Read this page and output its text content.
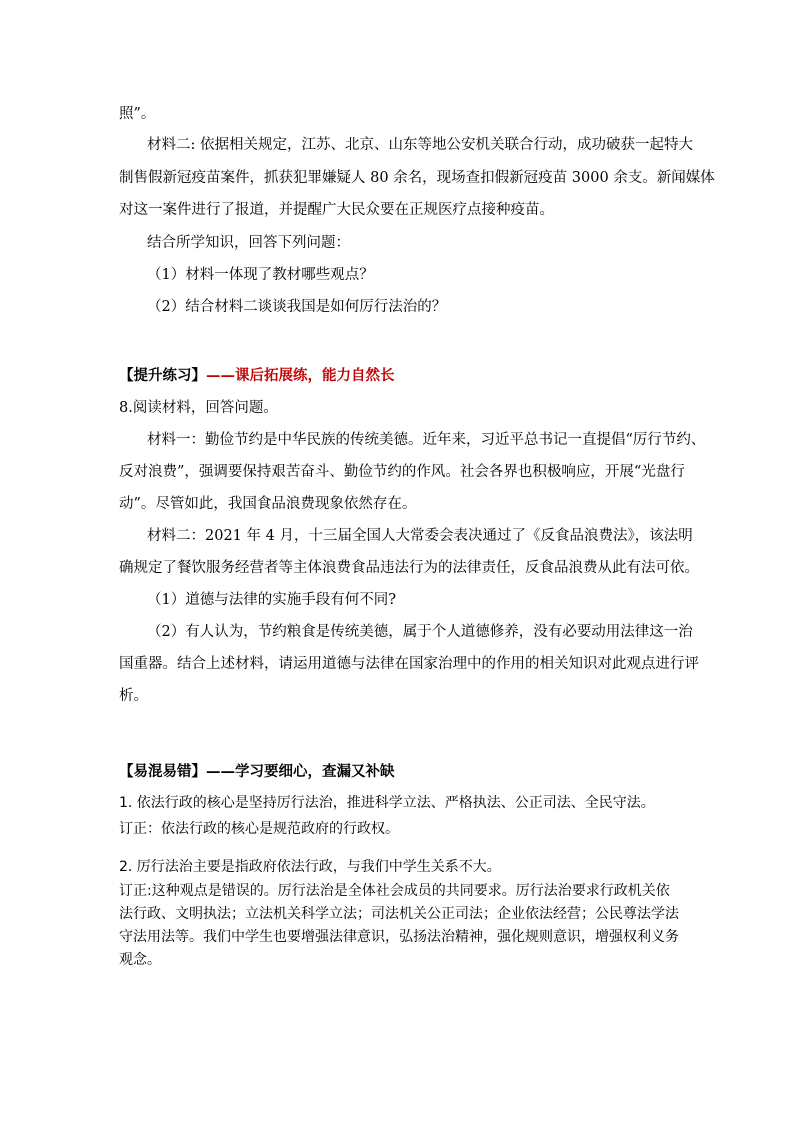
照”。
材料二: 依据相关规定，江苏、北京、山东等地公安机关联合行动，成功破获一起特大
制售假新冠疫苗案件，抓获犯罪嫌疑人 80 余名，现场查扣假新冠疫苗 3000 余支。新闻媒体
对这一案件进行了报道，并提醒广大民众要在正规医疗点接种疫苗。
结合所学知识，回答下列问题：
（1）材料一体现了教材哪些观点？
（2）结合材料二谈谈我国是如何厉行法治的？
【提升练习】——课后拓展练，能力自然长
8.阅读材料，回答问题。
材料一：勤俭节约是中华民族的传统美德。近年来，习近平总书记一直提倡“厉行节约、
反对浪费”，强调要保持艰苦奋斗、勤俭节约的作风。社会各界也积极响应，开展“光盘行
动”。尽管如此，我国食品浪费现象依然存在。
材料二：2021 年 4 月，十三届全国人大常委会表决通过了《反食品浪费法》，该法明
确规定了餐饮服务经营者等主体浪费食品违法行为的法律责任，反食品浪费从此有法可依。
（1）道德与法律的实施手段有何不同?
（2）有人认为，节约粮食是传统美德，属于个人道德修养，没有必要动用法律这一治
国重器。结合上述材料，请运用道德与法律在国家治理中的作用的相关知识对此观点进行评
析。
【易混易错】——学习要细心，查漏又补缺
1. 依法行政的核心是坚持厉行法治，推进科学立法、严格执法、公正司法、全民守法。
订正：依法行政的核心是规范政府的行政权。
2. 厉行法治主要是指政府依法行政，与我们中学生关系不大。
订正:这种观点是错误的。厉行法治是全体社会成员的共同要求。厉行法治要求行政机关依
法行政、文明执法；立法机关科学立法；司法机关公正司法；企业依法经营；公民尊法学法
守法用法等。我们中学生也要增强法律意识，弘扬法治精神，强化规则意识，增强权利义务
观念。
